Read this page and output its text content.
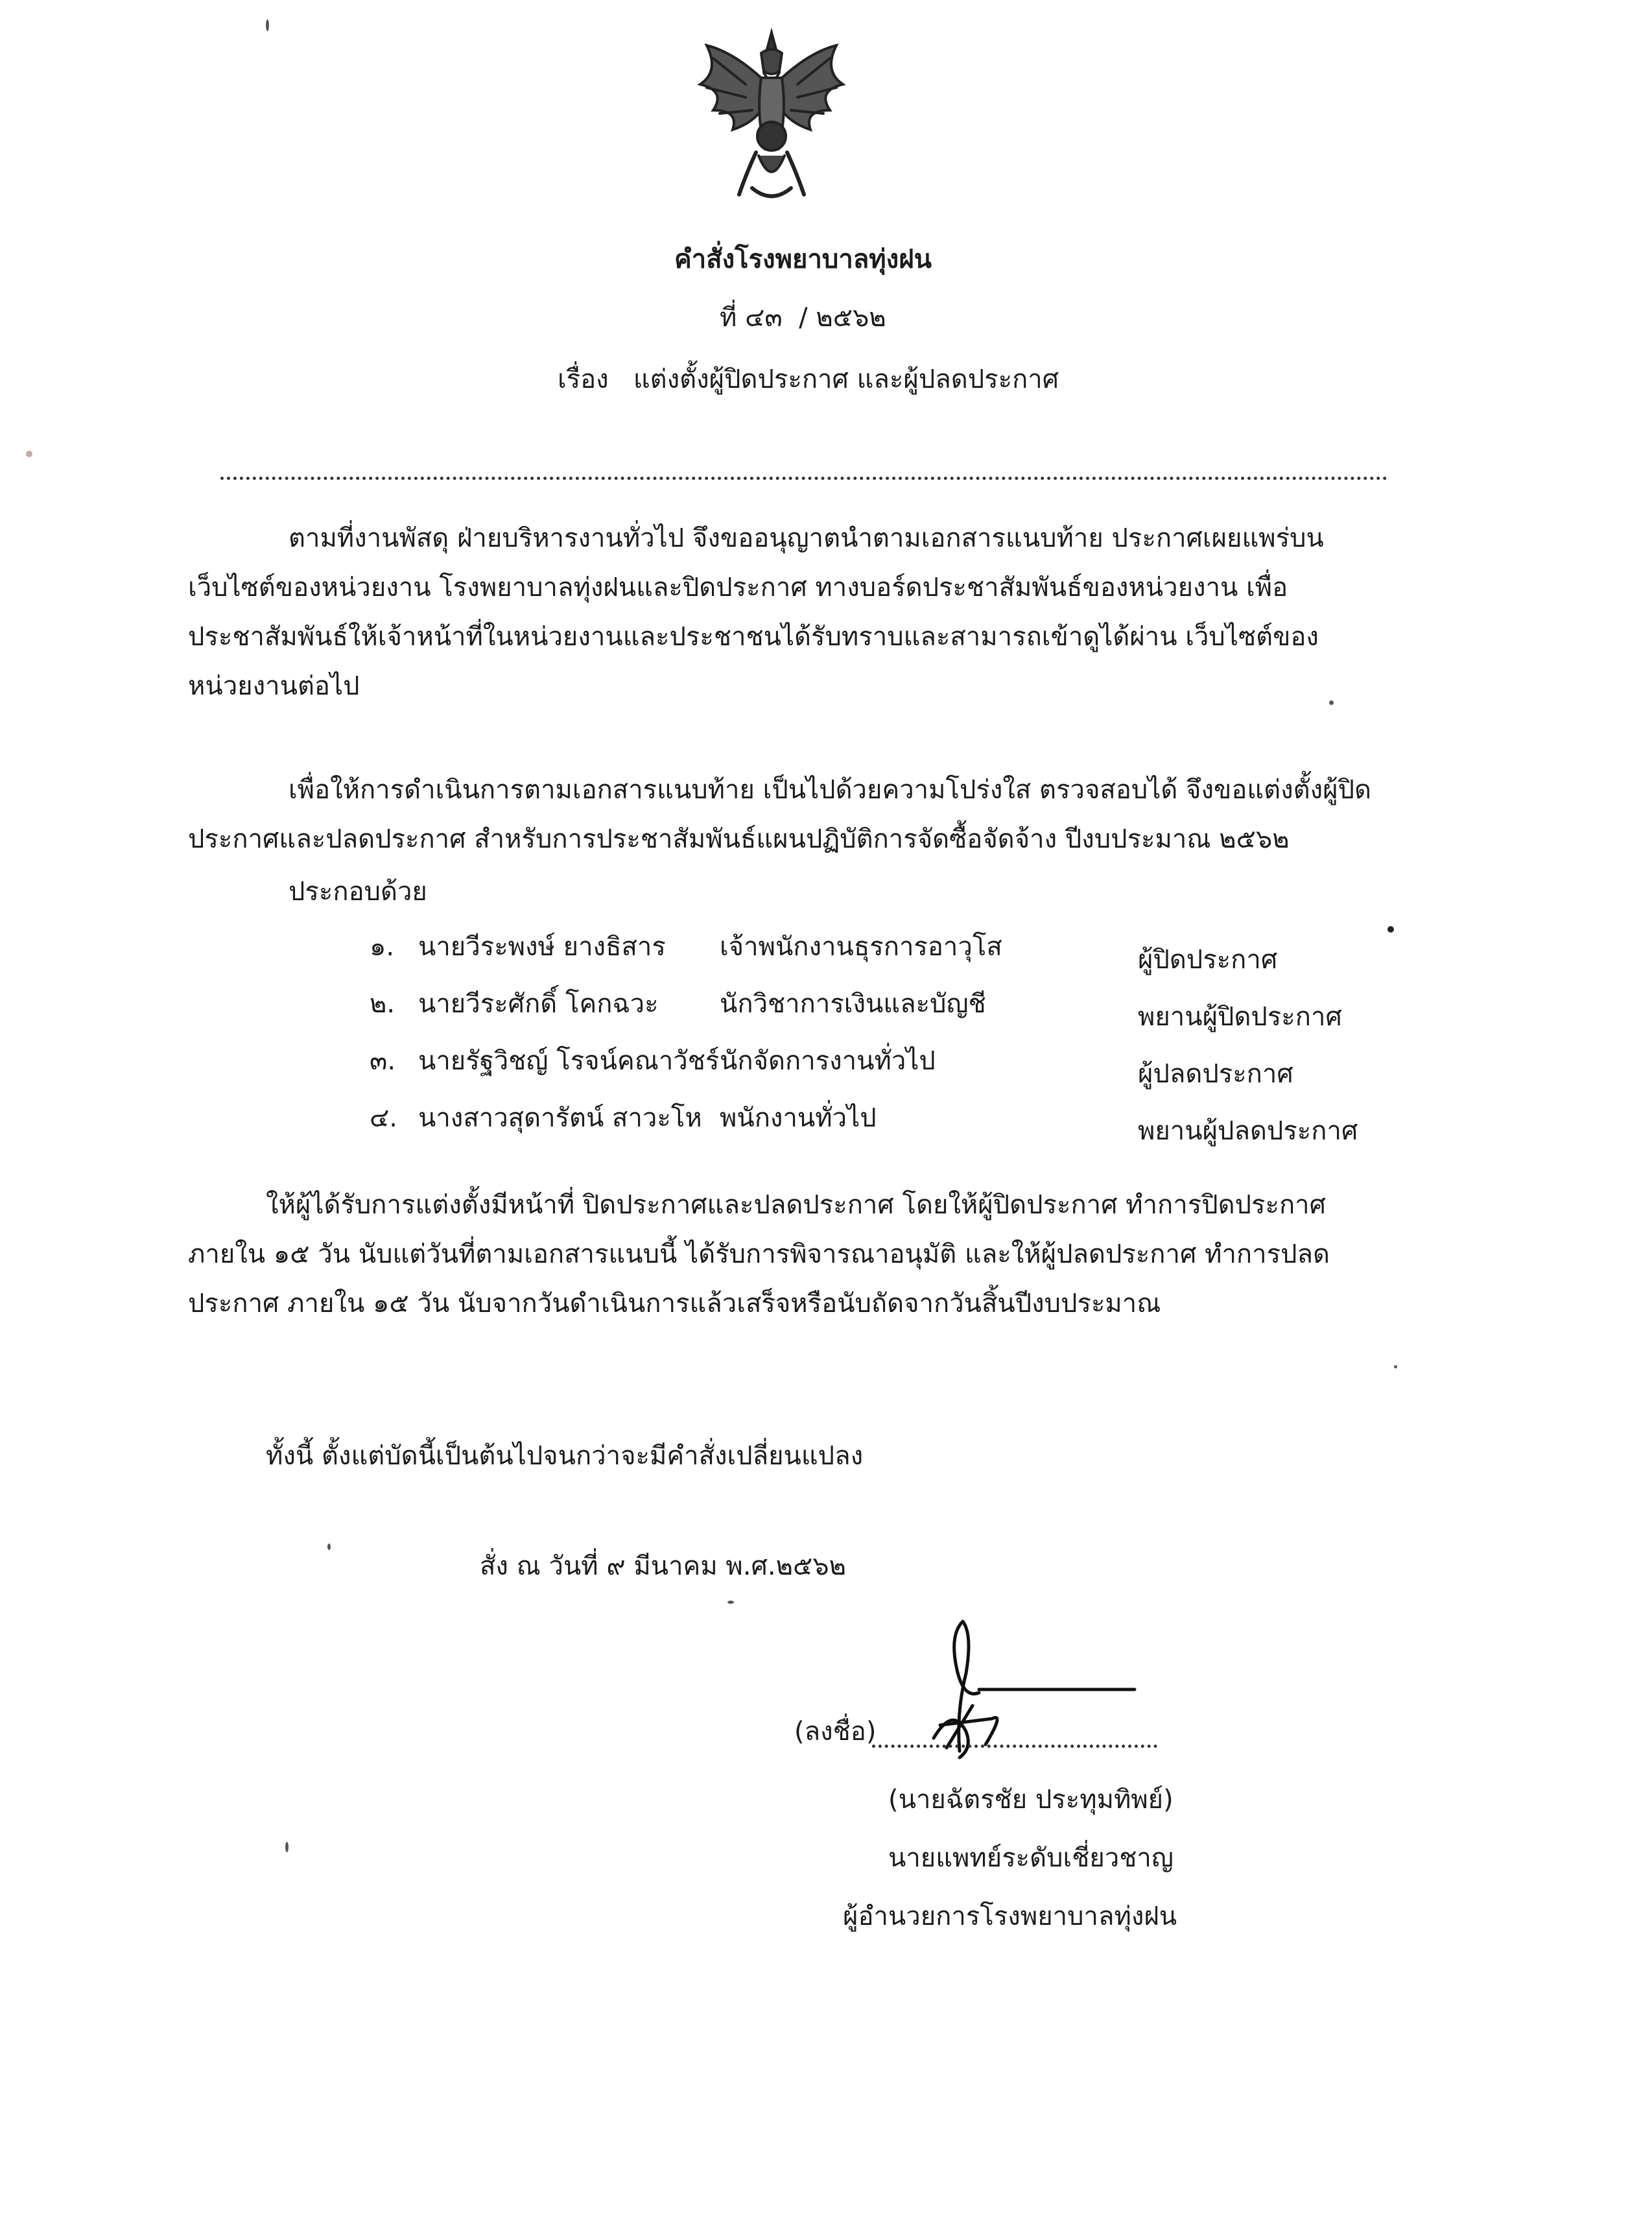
คำสั่งโรงพยาบาลทุ่งฝน
ที่ ๔๓ / ๒๕๖๒
เรื่อง แต่งตั้งผู้ปิดประกาศ และผู้ปลดประกาศ
ตามที่งานพัสดุ ฝ่ายบริหารงานทั่วไป จึงขออนุญาตนำตามเอกสารแนบท้าย ประกาศเผยแพร่บน
เว็บไซต์ของหน่วยงาน โรงพยาบาลทุ่งฝนและปิดประกาศ ทางบอร์ดประชาสัมพันธ์ของหน่วยงาน เพื่อ
ประชาสัมพันธ์ให้เจ้าหน้าที่ในหน่วยงานและประชาชนได้รับทราบและสามารถเข้าดูได้ผ่าน เว็บไซต์ของ
หน่วยงานต่อไป
เพื่อให้การดำเนินการตามเอกสารแนบท้าย เป็นไปด้วยความโปร่งใส ตรวจสอบได้ จึงขอแต่งตั้งผู้ปิด
ประกาศและปลดประกาศ สำหรับการประชาสัมพันธ์แผนปฏิบัติการจัดซื้อจัดจ้าง ปีงบประมาณ ๒๕๖๒
ประกอบด้วย
๑. นายวีระพงษ์ ยางธิสาร เจ้าพนักงานธุรการอาวุโส	ผู้ปิดประกาศ
๒. นายวีระศักดิ์ โคกฉวะ นักวิชาการเงินและบัญชี	พยานผู้ปิดประกาศ
๓. นายรัฐวิชญ์ โรจน์คณาวัชร์ นักจัดการงานทั่วไป	ผู้ปลดประกาศ
๔. นางสาวสุดารัตน์ สาวะโห พนักงานทั่วไป	พยานผู้ปลดประกาศ
ให้ผู้ได้รับการแต่งตั้งมีหน้าที่ ปิดประกาศและปลดประกาศ โดยให้ผู้ปิดประกาศ ทำการปิดประกาศ
ภายใน ๑๕ วัน นับแต่วันที่ตามเอกสารแนบนี้ ได้รับการพิจารณาอนุมัติ และให้ผู้ปลดประกาศ ทำการปลด
ประกาศ ภายใน ๑๕ วัน นับจากวันดำเนินการแล้วเสร็จหรือนับถัดจากวันสิ้นปีงบประมาณ
ทั้งนี้ ตั้งแต่บัดนี้เป็นต้นไปจนกว่าจะมีคำสั่งเปลี่ยนแปลง
สั่ง ณ วันที่ ๙ มีนาคม พ.ศ.๒๕๖๒
(ลงชื่อ)
(นายฉัตรชัย ประทุมทิพย์)
นายแพทย์ระดับเชี่ยวชาญ
ผู้อำนวยการโรงพยาบาลทุ่งฝน
